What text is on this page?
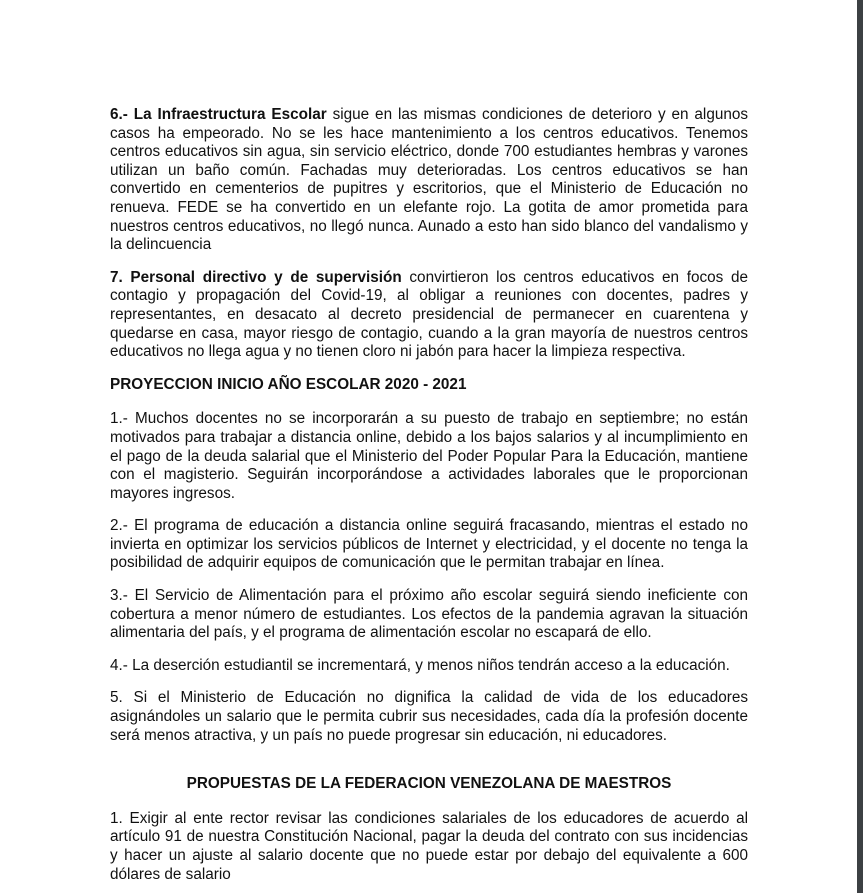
6.- La Infraestructura Escolar sigue en las mismas condiciones de deterioro y en algunos casos ha empeorado. No se les hace mantenimiento a los centros educativos. Tenemos centros educativos sin agua, sin servicio eléctrico, donde 700 estudiantes hembras y varones utilizan un baño común. Fachadas muy deterioradas. Los centros educativos se han convertido en cementerios de pupitres y escritorios, que el Ministerio de Educación no renueva. FEDE se ha convertido en un elefante rojo. La gotita de amor prometida para nuestros centros educativos, no llegó nunca. Aunado a esto han sido blanco del vandalismo y la delincuencia

7. Personal directivo y de supervisión convirtieron los centros educativos en focos de contagio y propagación del Covid-19, al obligar a reuniones con docentes, padres y representantes, en desacato al decreto presidencial de permanecer en cuarentena y quedarse en casa, mayor riesgo de contagio, cuando a la gran mayoría de nuestros centros educativos no llega agua y no tienen cloro ni jabón para hacer la limpieza respectiva.

PROYECCION INICIO AÑO ESCOLAR 2020 - 2021

1.- Muchos docentes no se incorporarán a su puesto de trabajo en septiembre; no están motivados para trabajar a distancia online, debido a los bajos salarios y al incumplimiento en el pago de la deuda salarial que el Ministerio del Poder Popular Para la Educación, mantiene con el magisterio. Seguirán incorporándose a actividades laborales que le proporcionan mayores ingresos.

2.- El programa de educación a distancia online seguirá fracasando, mientras el estado no invierta en optimizar los servicios públicos de Internet y electricidad, y el docente no tenga la posibilidad de adquirir equipos de comunicación que le permitan trabajar en línea.

3.- El Servicio de Alimentación para el próximo año escolar seguirá siendo ineficiente con cobertura a menor número de estudiantes. Los efectos de la pandemia agravan la situación alimentaria del país, y el programa de alimentación escolar no escapará de ello.

4.- La deserción estudiantil se incrementará, y menos niños tendrán acceso a la educación.

5. Si el Ministerio de Educación no dignifica la calidad de vida de los educadores asignándoles un salario que le permita cubrir sus necesidades, cada día la profesión docente será menos atractiva, y un país no puede progresar sin educación, ni educadores.

PROPUESTAS DE LA FEDERACION VENEZOLANA DE MAESTROS

1. Exigir al ente rector revisar las condiciones salariales de los educadores de acuerdo al artículo 91 de nuestra Constitución Nacional, pagar la deuda del contrato con sus incidencias y hacer un ajuste al salario docente que no puede estar por debajo del equivalente a 600 dólares de salario
